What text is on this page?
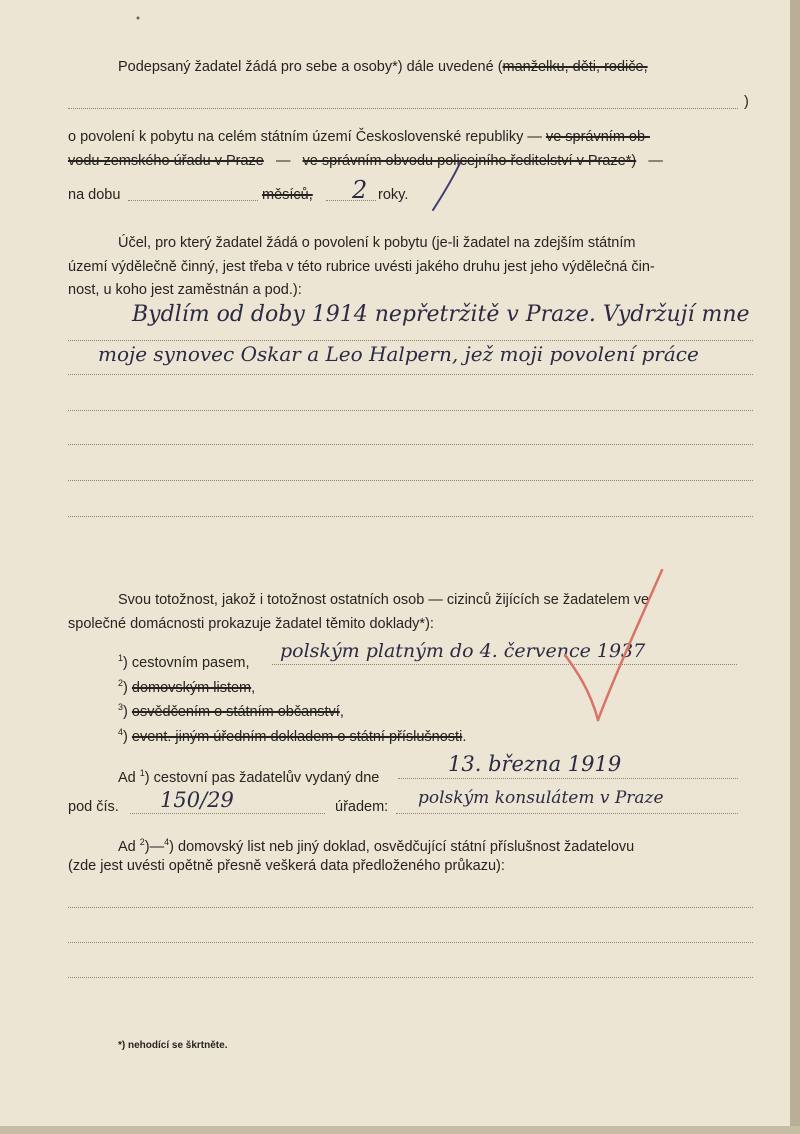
Podepsaný žadatel žádá pro sebe a osoby*) dále uvedené (manželku, děti, rodiče,
)
o povolení k pobytu na celém státním území Československé republiky — ve správním ob-
vodu zemského úřadu v Praze — ve správním obvodu policejního ředitelství v Praze*) —
na dobu	měsíců, 2 roky.
Účel, pro který žadatel žádá o povolení k pobytu (je-li žadatel na zdejším státním
území výdělečně činný, jest třeba v této rubrice uvésti jakého druhu jest jeho výdělečná čin-
nost, u koho jest zaměstnán a pod.):
Bydlím od doby 1914 nepřetržitě v Praze. Vydržují mne
moje synovec Oskar a Leo Halpern, jež moji povolení práce
Svou totožnost, jakož i totožnost ostatních osob — cizinců žijících se žadatelem ve
společné domácnosti prokazuje žadatel těmito doklady*):
$^1$) cestovním pasem,
polským platným do 4. července 1937
$^2$) domovským listem,
$^3$) osvědčením o státním občanství,
$^4$) event. jiným úředním dokladem o státní příslušnosti.
Ad $^1$) cestovní pas žadatelův vydaný dne
13. března 1919
pod čís. 150/29	úřadem: polským konsulátem v Praze
Ad $^2$)—$^4$) domovský list neb jiný doklad, osvědčující státní příslušnost žadatelovu
(zde jest uvésti opětně přesně veškerá data předloženého průkazu):
*) nehodící se škrtněte.
